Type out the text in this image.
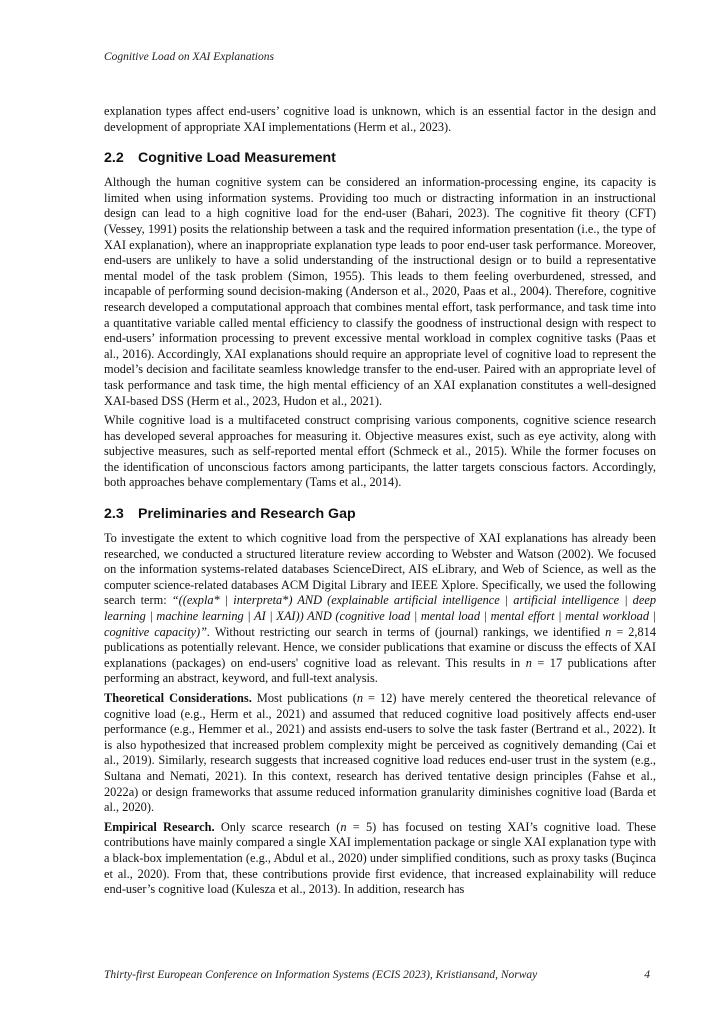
Cognitive Load on XAI Explanations

explanation types affect end-users’ cognitive load is unknown, which is an essential factor in the design and development of appropriate XAI implementations (Herm et al., 2023).

2.2 Cognitive Load Measurement

Although the human cognitive system can be considered an information-processing engine, its capacity is limited when using information systems. Providing too much or distracting information in an instructional design can lead to a high cognitive load for the end-user (Bahari, 2023). The cognitive fit theory (CFT) (Vessey, 1991) posits the relationship between a task and the required information presentation (i.e., the type of XAI explanation), where an inappropriate explanation type leads to poor end-user task performance. Moreover, end-users are unlikely to have a solid understanding of the instructional design or to build a representative mental model of the task problem (Simon, 1955). This leads to them feeling overburdened, stressed, and incapable of performing sound decision-making (Anderson et al., 2020, Paas et al., 2004). Therefore, cognitive research developed a computational approach that combines mental effort, task performance, and task time into a quantitative variable called mental efficiency to classify the goodness of instructional design with respect to end-users’ information processing to prevent excessive mental workload in complex cognitive tasks (Paas et al., 2016). Accordingly, XAI explanations should require an appropriate level of cognitive load to represent the model’s decision and facilitate seamless knowledge transfer to the end-user. Paired with an appropriate level of task performance and task time, the high mental efficiency of an XAI explanation constitutes a well-designed XAI-based DSS (Herm et al., 2023, Hudon et al., 2021).

While cognitive load is a multifaceted construct comprising various components, cognitive science research has developed several approaches for measuring it. Objective measures exist, such as eye activity, along with subjective measures, such as self-reported mental effort (Schmeck et al., 2015). While the former focuses on the identification of unconscious factors among participants, the latter targets conscious factors. Accordingly, both approaches behave complementary (Tams et al., 2014).

2.3 Preliminaries and Research Gap

To investigate the extent to which cognitive load from the perspective of XAI explanations has already been researched, we conducted a structured literature review according to Webster and Watson (2002). We focused on the information systems-related databases ScienceDirect, AIS eLibrary, and Web of Science, as well as the computer science-related databases ACM Digital Library and IEEE Xplore. Specifically, we used the following search term: “((expla* | interpreta*) AND (explainable artificial intelligence | artificial intelligence | deep learning | machine learning | AI | XAI)) AND (cognitive load | mental load | mental effort | mental workload | cognitive capacity)”. Without restricting our search in terms of (journal) rankings, we identified n = 2,814 publications as potentially relevant. Hence, we consider publications that examine or discuss the effects of XAI explanations (packages) on end-users' cognitive load as relevant. This results in n = 17 publications after performing an abstract, keyword, and full-text analysis.

Theoretical Considerations. Most publications (n = 12) have merely centered the theoretical relevance of cognitive load (e.g., Herm et al., 2021) and assumed that reduced cognitive load positively affects end-user performance (e.g., Hemmer et al., 2021) and assists end-users to solve the task faster (Bertrand et al., 2022). It is also hypothesized that increased problem complexity might be perceived as cognitively demanding (Cai et al., 2019). Similarly, research suggests that increased cognitive load reduces end-user trust in the system (e.g., Sultana and Nemati, 2021). In this context, research has derived tentative design principles (Fahse et al., 2022a) or design frameworks that assume reduced information granularity diminishes cognitive load (Barda et al., 2020).

Empirical Research. Only scarce research (n = 5) has focused on testing XAI’s cognitive load. These contributions have mainly compared a single XAI implementation package or single XAI explanation type with a black-box implementation (e.g., Abdul et al., 2020) under simplified conditions, such as proxy tasks (Buçinca et al., 2020). From that, these contributions provide first evidence, that increased explainability will reduce end-user’s cognitive load (Kulesza et al., 2013). In addition, research has

Thirty-first European Conference on Information Systems (ECIS 2023), Kristiansand, Norway	4
